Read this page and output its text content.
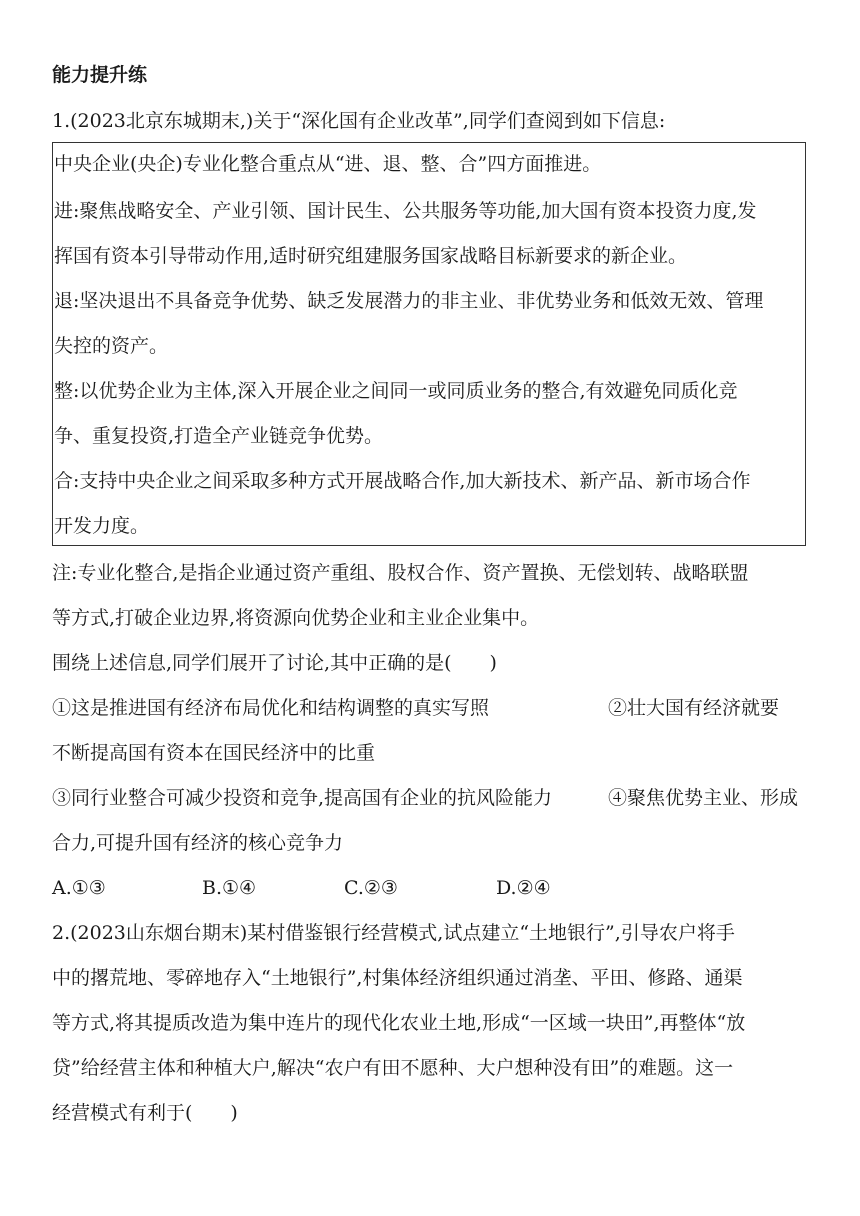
能力提升练
1.(2023北京东城期末,)关于“深化国有企业改革”,同学们查阅到如下信息:
中央企业(央企)专业化整合重点从“进、退、整、合”四方面推进。
进:聚焦战略安全、产业引领、国计民生、公共服务等功能,加大国有资本投资力度,发
挥国有资本引导带动作用,适时研究组建服务国家战略目标新要求的新企业。
退:坚决退出不具备竞争优势、缺乏发展潜力的非主业、非优势业务和低效无效、管理
失控的资产。
整:以优势企业为主体,深入开展企业之间同一或同质业务的整合,有效避免同质化竞
争、重复投资,打造全产业链竞争优势。
合:支持中央企业之间采取多种方式开展战略合作,加大新技术、新产品、新市场合作
开发力度。
注:专业化整合,是指企业通过资产重组、股权合作、资产置换、无偿划转、战略联盟
等方式,打破企业边界,将资源向优势企业和主业企业集中。
围绕上述信息,同学们展开了讨论,其中正确的是(　　)
①这是推进国有经济布局优化和结构调整的真实写照	②壮大国有经济就要
不断提高国有资本在国民经济中的比重
③同行业整合可减少投资和竞争,提高国有企业的抗风险能力	④聚焦优势主业、形成
合力,可提升国有经济的核心竞争力
A.①③	B.①④	C.②③	D.②④
2.(2023山东烟台期末)某村借鉴银行经营模式,试点建立“土地银行”,引导农户将手
中的撂荒地、零碎地存入“土地银行”,村集体经济组织通过消垄、平田、修路、通渠
等方式,将其提质改造为集中连片的现代化农业土地,形成“一区域一块田”,再整体“放
贷”给经营主体和种植大户,解决“农户有田不愿种、大户想种没有田”的难题。这一
经营模式有利于(　　)
